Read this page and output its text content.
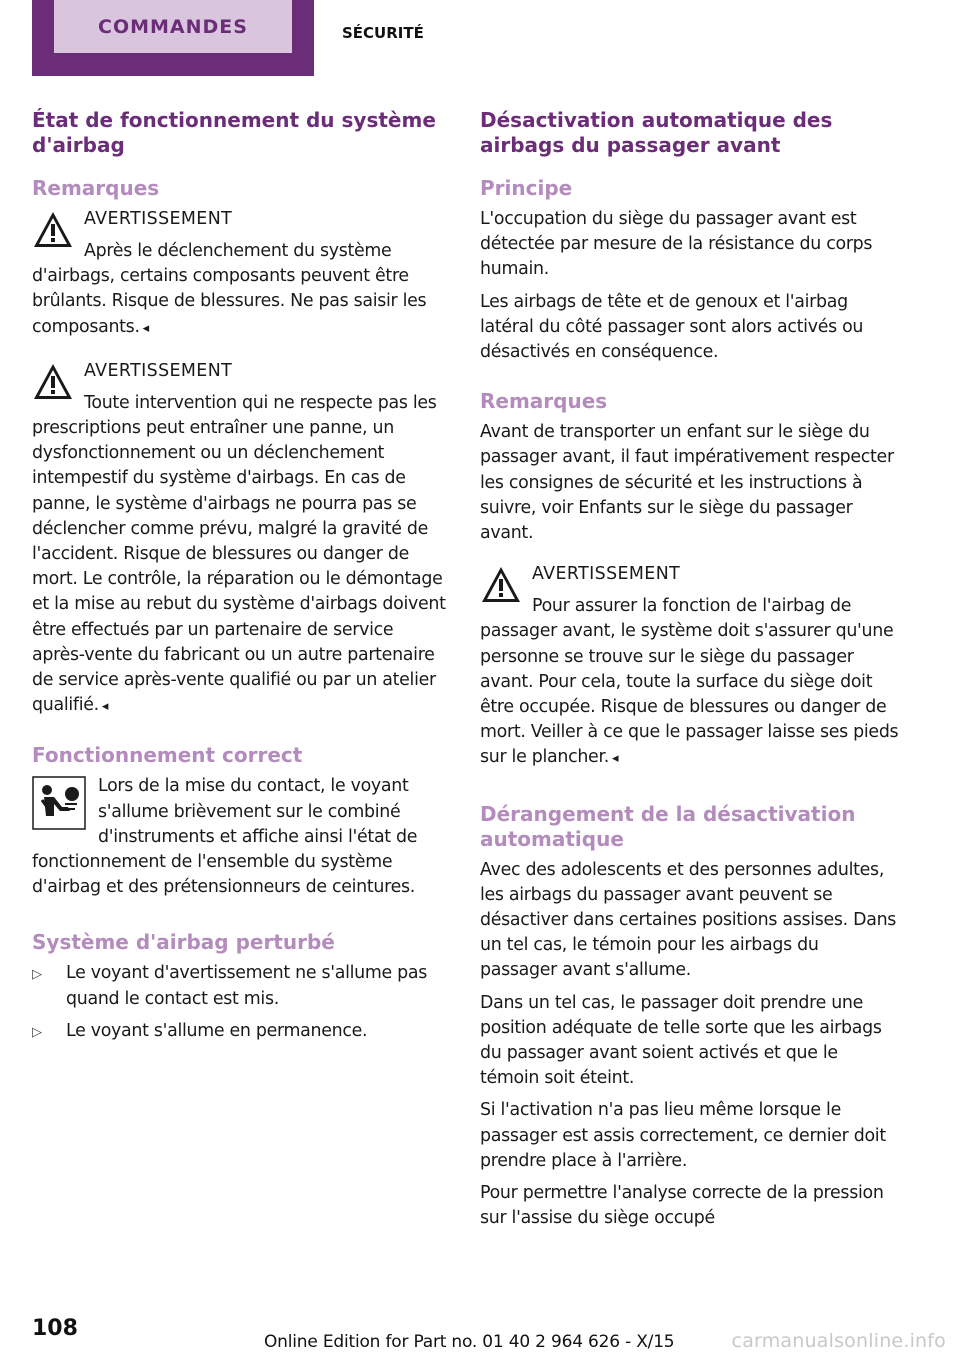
COMMANDES	SÉCURITÉ
État de fonctionnement du système d'airbag
Remarques
AVERTISSEMENT
Après le déclenchement du système

d'airbags, certains composants peuvent être brûlants. Risque de blessures. Ne pas saisir les composants. ◂

AVERTISSEMENT
Toute intervention qui ne respecte pas les

prescriptions peut entraîner une panne, un dysfonctionnement ou un déclenchement intempestif du système d'airbags. En cas de panne, le système d'airbags ne pourra pas se déclencher comme prévu, malgré la gravité de l'accident. Risque de blessures ou danger de mort. Le contrôle, la réparation ou le démontage et la mise au rebut du système d'airbags doivent être effectués par un partenaire de service après-vente du fabricant ou un autre partenaire de service après-vente qualifié ou par un atelier qualifié. ◂

Fonctionnement correct

Lors de la mise du contact, le voyant s'allume brièvement sur le combiné d'instruments et affiche ainsi l'état de

fonctionnement de l'ensemble du système d'airbag et des prétensionneurs de ceintures.

Système d'airbag perturbé
▷	Le voyant d'avertissement ne s'allume pas quand le contact est mis.
▷	Le voyant s'allume en permanence.
Désactivation automatique des airbags du passager avant
Principe

L'occupation du siège du passager avant est détectée par mesure de la résistance du corps humain.

Les airbags de tête et de genoux et l'airbag latéral du côté passager sont alors activés ou désactivés en conséquence.

Remarques

Avant de transporter un enfant sur le siège du passager avant, il faut impérativement respecter les consignes de sécurité et les instructions à suivre, voir Enfants sur le siège du passager avant.

AVERTISSEMENT
Pour assurer la fonction de l'airbag de

passager avant, le système doit s'assurer qu'une personne se trouve sur le siège du passager avant. Pour cela, toute la surface du siège doit être occupée. Risque de blessures ou danger de mort. Veiller à ce que le passager laisse ses pieds sur le plancher. ◂

Dérangement de la désactivation automatique

Avec des adolescents et des personnes adultes, les airbags du passager avant peuvent se désactiver dans certaines positions assises. Dans un tel cas, le témoin pour les airbags du passager avant s'allume.

Dans un tel cas, le passager doit prendre une position adéquate de telle sorte que les airbags du passager avant soient activés et que le témoin soit éteint.

Si l'activation n'a pas lieu même lorsque le passager est assis correctement, ce dernier doit prendre place à l'arrière.

Pour permettre l'analyse correcte de la pression sur l'assise du siège occupé

108
Online Edition for Part no. 01 40 2 964 626 - X/15	carmanualsonline.info
